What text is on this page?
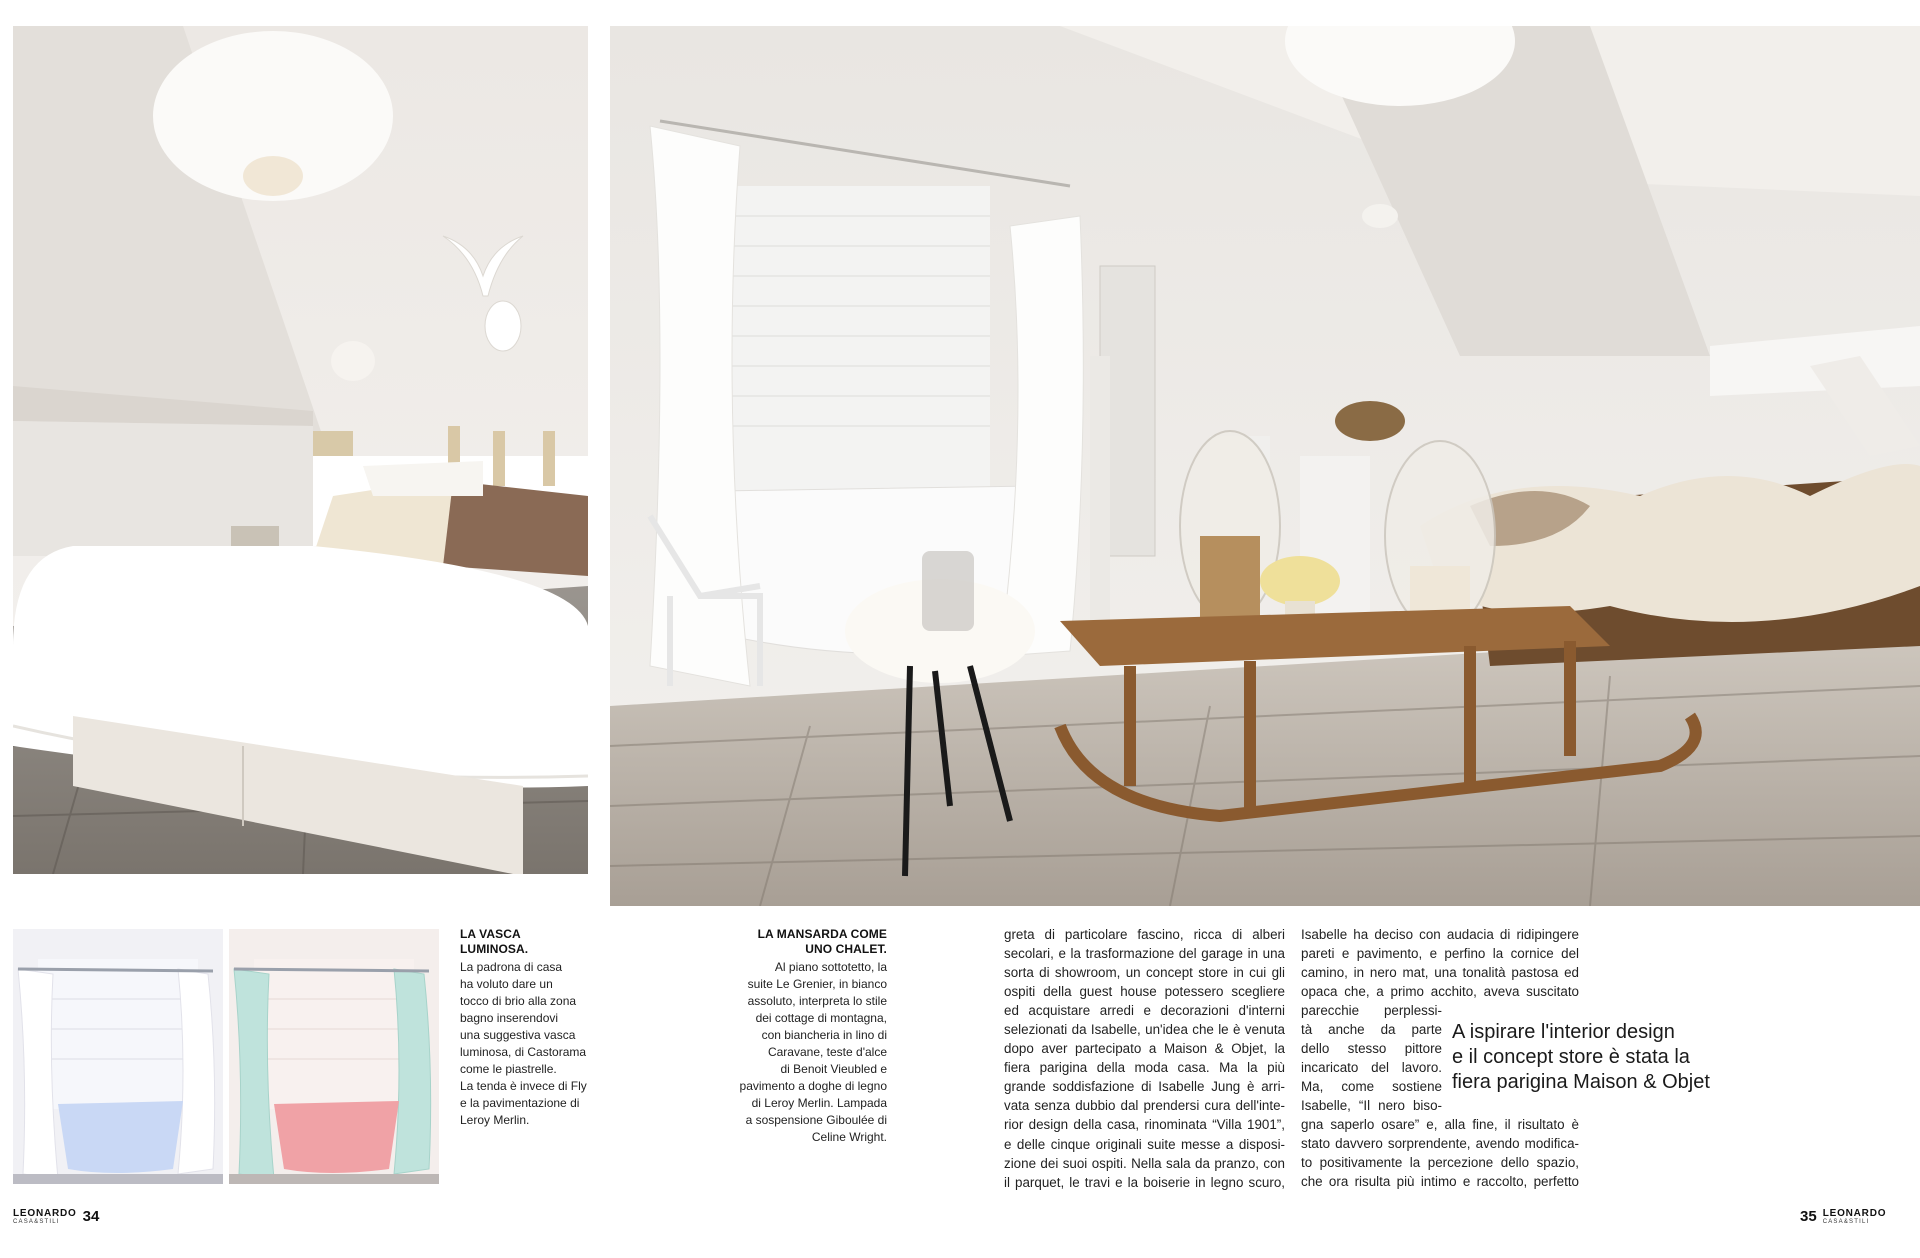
LA VASCA LUMINOSA.
La padrona di casa
ha voluto dare un
tocco di brio alla zona
bagno inserendovi
una suggestiva vasca
luminosa, di Castorama
come le piastrelle.
La tenda è invece di Fly
e la pavimentazione di
Leroy Merlin.
LA MANSARDA COME
UNO CHALET.
Al piano sottotetto, la
suite Le Grenier, in bianco
assoluto, interpreta lo stile
dei cottage di montagna,
con biancheria in lino di
Caravane, teste d'alce
di Benoit Vieubled e
pavimento a doghe di legno
di Leroy Merlin. Lampada
a sospensione Giboulée di
Celine Wright.
greta di particolare fascino, ricca di alberi
secolari, e la trasformazione del garage in una
sorta di showroom, un concept store in cui gli
ospiti della guest house potessero scegliere
ed acquistare arredi e decorazioni d'interni
selezionati da Isabelle, un'idea che le è venuta
dopo aver partecipato a Maison & Objet, la
fiera parigina della moda casa. Ma la più
grande soddisfazione di Isabelle Jung è arri-
vata senza dubbio dal prendersi cura dell'inte-
rior design della casa, rinominata “Villa 1901”,
e delle cinque originali suite messe a disposi-
zione dei suoi ospiti. Nella sala da pranzo, con
il parquet, le travi e la boiserie in legno scuro,
Isabelle ha deciso con audacia di ridipingere
pareti e pavimento, e perfino la cornice del
camino, in nero mat, una tonalità pastosa ed
opaca che, a primo acchito, aveva suscitato
parecchie perplessi-
tà anche da parte
dello stesso pittore
incaricato del lavoro.
Ma, come sostiene
Isabelle, “Il nero biso-
gna saperlo osare” e, alla fine, il risultato è
stato davvero sorprendente, avendo modifica-
to positivamente la percezione dello spazio,
che ora risulta più intimo e raccolto, perfetto
A ispirare l'interior design
e il concept store è stata la
fiera parigina Maison & Objet
LEONARDO
CASA&STILI	34	35 LEONARDO
CASA&STILI
